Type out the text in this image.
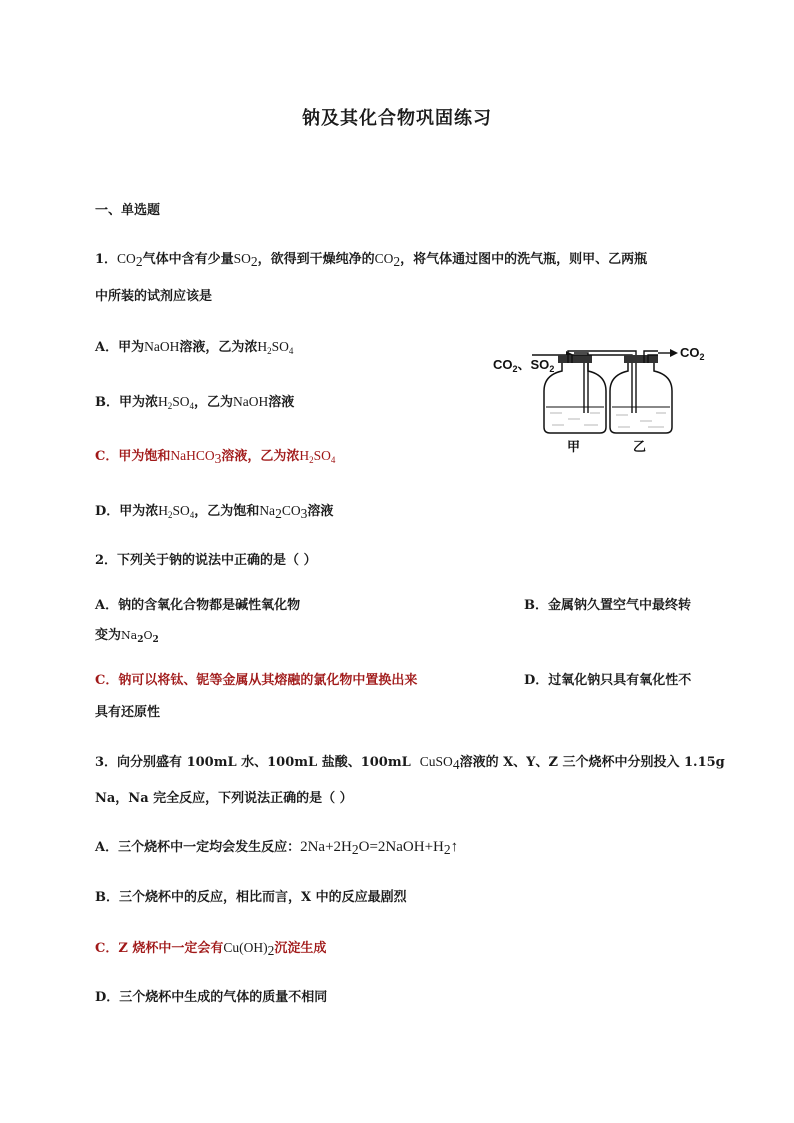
钠及其化合物巩固练习
一、单选题
1．$CO_2$气体中含有少量$SO_2$，欲得到干燥纯净的$CO_2$，将气体通过图中的洗气瓶，则甲、乙两瓶
中所装的试剂应该是
A．甲为NaOH溶液，乙为浓$H_2SO_4$
B．甲为浓$H_2SO_4$，乙为NaOH溶液
C．甲为饱和NaHCO$_3$溶液，乙为浓$H_2SO_4$
D．甲为浓$H_2SO_4$，乙为饱和$Na_2CO_3$溶液
$CO_2$、$SO_2$
$CO_2$
甲	乙
2．下列关于钠的说法中正确的是（ ）
A．钠的含氧化合物都是碱性氧化物	B．金属钠久置空气中最终转
变为$Na_2O_2$
C．钠可以将钛、铌等金属从其熔融的氯化物中置换出来	D．过氧化钠只具有氧化性不
具有还原性
3．向分别盛有 100mL 水、100mL 盐酸、100mL CuSO$_4$溶液的 X、Y、Z 三个烧杯中分别投入 1.15g
Na，Na 完全反应，下列说法正确的是（ ）
A．三个烧杯中一定均会发生反应：$2Na+2H_2O=2NaOH+H_2↑$
B．三个烧杯中的反应，相比而言，X 中的反应最剧烈
C．Z 烧杯中一定会有$Cu(OH)_2$沉淀生成
D．三个烧杯中生成的气体的质量不相同
